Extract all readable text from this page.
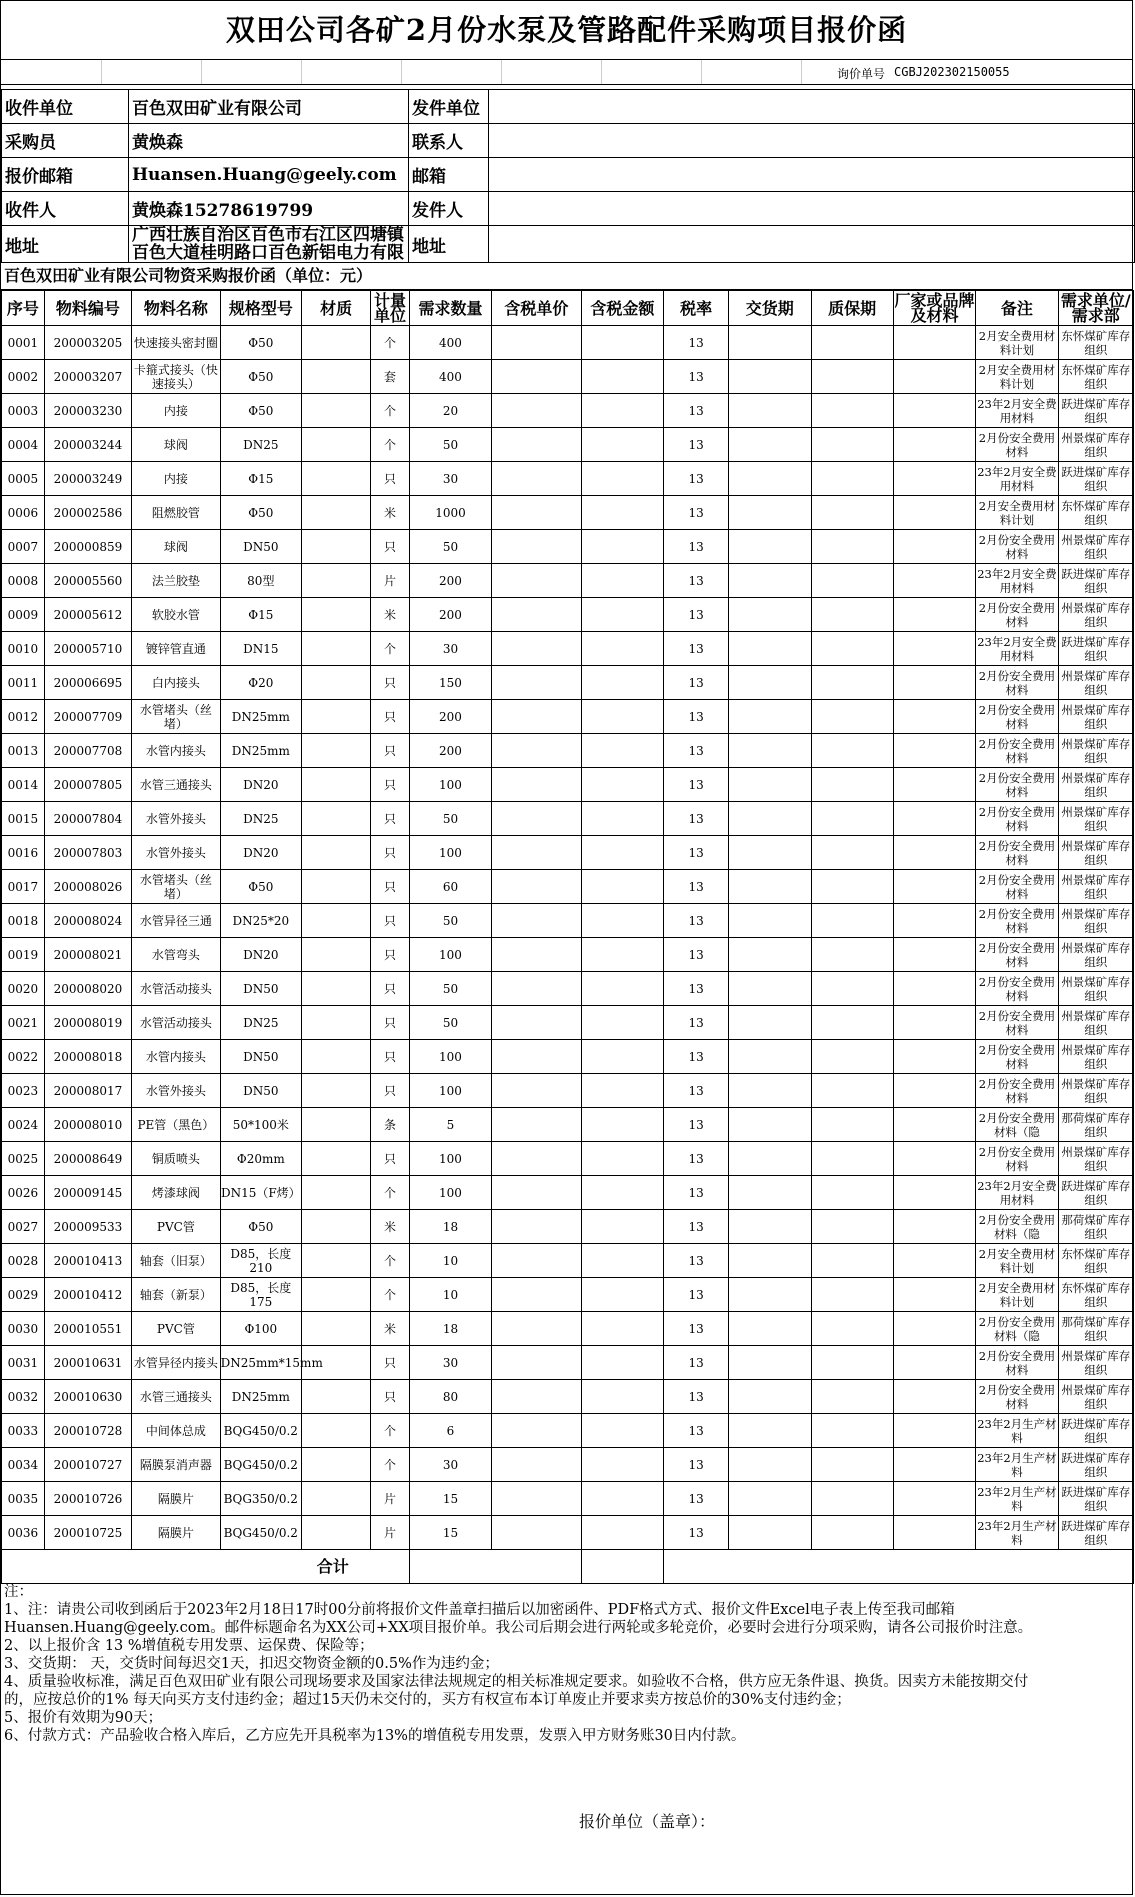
双田公司各矿2月份水泵及管路配件采购项目报价函
询价单号 CGBJ202302150055
收件单位	百色双田矿业有限公司	发件单位	
采购员	黄焕森	联系人	
报价邮箱	Huansen.Huang@geely.com	邮箱	
收件人	黄焕森15278619799	发件人	
地址	广西壮族自治区百色市右江区四塘镇百色大道桂明路口百色新铝电力有限	地址	
百色双田矿业有限公司物资采购报价函（单位：元）
序号	物料编号	物料名称	规格型号	材质	计量单位	需求数量	含税单价	含税金额	税率	交货期	质保期	厂家或品牌及材料	备注	需求单位/需求部
0001	200003205	快速接头密封圈	Φ50		个	400			13				2月安全费用材料计划	东怀煤矿库存组织
0002	200003207	卡箍式接头（快速接头）	Φ50		套	400			13				2月安全费用材料计划	东怀煤矿库存组织
0003	200003230	内接	Φ50		个	20			13				23年2月安全费用材料	跃进煤矿库存组织
0004	200003244	球阀	DN25		个	50			13				2月份安全费用材料	州景煤矿库存组织
0005	200003249	内接	Φ15		只	30			13				23年2月安全费用材料	跃进煤矿库存组织
0006	200002586	阻燃胶管	Φ50		米	1000			13				2月安全费用材料计划	东怀煤矿库存组织
0007	200000859	球阀	DN50		只	50			13				2月份安全费用材料	州景煤矿库存组织
0008	200005560	法兰胶垫	80型		片	200			13				23年2月安全费用材料	跃进煤矿库存组织
0009	200005612	软胶水管	Φ15		米	200			13				2月份安全费用材料	州景煤矿库存组织
0010	200005710	镀锌管直通	DN15		个	30			13				23年2月安全费用材料	跃进煤矿库存组织
0011	200006695	白内接头	Φ20		只	150			13				2月份安全费用材料	州景煤矿库存组织
0012	200007709	水管堵头（丝堵）	DN25mm		只	200			13				2月份安全费用材料	州景煤矿库存组织
0013	200007708	水管内接头	DN25mm		只	200			13				2月份安全费用材料	州景煤矿库存组织
0014	200007805	水管三通接头	DN20		只	100			13				2月份安全费用材料	州景煤矿库存组织
0015	200007804	水管外接头	DN25		只	50			13				2月份安全费用材料	州景煤矿库存组织
0016	200007803	水管外接头	DN20		只	100			13				2月份安全费用材料	州景煤矿库存组织
0017	200008026	水管堵头（丝堵）	Φ50		只	60			13				2月份安全费用材料	州景煤矿库存组织
0018	200008024	水管异径三通	DN25*20		只	50			13				2月份安全费用材料	州景煤矿库存组织
0019	200008021	水管弯头	DN20		只	100			13				2月份安全费用材料	州景煤矿库存组织
0020	200008020	水管活动接头	DN50		只	50			13				2月份安全费用材料	州景煤矿库存组织
0021	200008019	水管活动接头	DN25		只	50			13				2月份安全费用材料	州景煤矿库存组织
0022	200008018	水管内接头	DN50		只	100			13				2月份安全费用材料	州景煤矿库存组织
0023	200008017	水管外接头	DN50		只	100			13				2月份安全费用材料	州景煤矿库存组织
0024	200008010	PE管（黑色）	50*100米		条	5			13				2月份安全费用材料（隐	那荷煤矿库存组织
0025	200008649	铜质喷头	Φ20mm		只	100			13				2月份安全费用材料	州景煤矿库存组织
0026	200009145	烤漆球阀	DN15（F烤）		个	100			13				23年2月安全费用材料	跃进煤矿库存组织
0027	200009533	PVC管	Φ50		米	18			13				2月份安全费用材料（隐	那荷煤矿库存组织
0028	200010413	轴套（旧泵）	D85，长度210		个	10			13				2月安全费用材料计划	东怀煤矿库存组织
0029	200010412	轴套（新泵）	D85，长度175		个	10			13				2月安全费用材料计划	东怀煤矿库存组织
0030	200010551	PVC管	Φ100		米	18			13				2月份安全费用材料（隐	那荷煤矿库存组织
0031	200010631	水管异径内接头	DN25mm*15mm		只	30			13				2月份安全费用材料	州景煤矿库存组织
0032	200010630	水管三通接头	DN25mm		只	80			13				2月份安全费用材料	州景煤矿库存组织
0033	200010728	中间体总成	BQG450/0.2		个	6			13				23年2月生产材料	跃进煤矿库存组织
0034	200010727	隔膜泵消声器	BQG450/0.2		个	30			13				23年2月生产材料	跃进煤矿库存组织
0035	200010726	隔膜片	BQG350/0.2		片	15			13				23年2月生产材料	跃进煤矿库存组织
0036	200010725	隔膜片	BQG450/0.2		片	15			13				23年2月生产材料	跃进煤矿库存组织
合计														
注：
1、注：请贵公司收到函后于2023年2月18日17时00分前将报价文件盖章扫描后以加密函件、PDF格式方式、报价文件Excel电子表上传至我司邮箱
Huansen.Huang@geely.com。邮件标题命名为XX公司+XX项目报价单。我公司后期会进行两轮或多轮竞价，必要时会进行分项采购，请各公司报价时注意。
2、以上报价含 13 %增值税专用发票、运保费、保险等；
3、交货期： 天，交货时间每迟交1天，扣迟交物资金额的0.5%作为违约金；
4、质量验收标准，满足百色双田矿业有限公司现场要求及国家法律法规规定的相关标准规定要求。如验收不合格，供方应无条件退、换货。因卖方未能按期交付
的，应按总价的1% 每天向买方支付违约金；超过15天仍未交付的，买方有权宣布本订单废止并要求卖方按总价的30%支付违约金；
5、报价有效期为90天；
6、付款方式：产品验收合格入库后，乙方应先开具税率为13%的增值税专用发票，发票入甲方财务账30日内付款。
报价单位（盖章）：
